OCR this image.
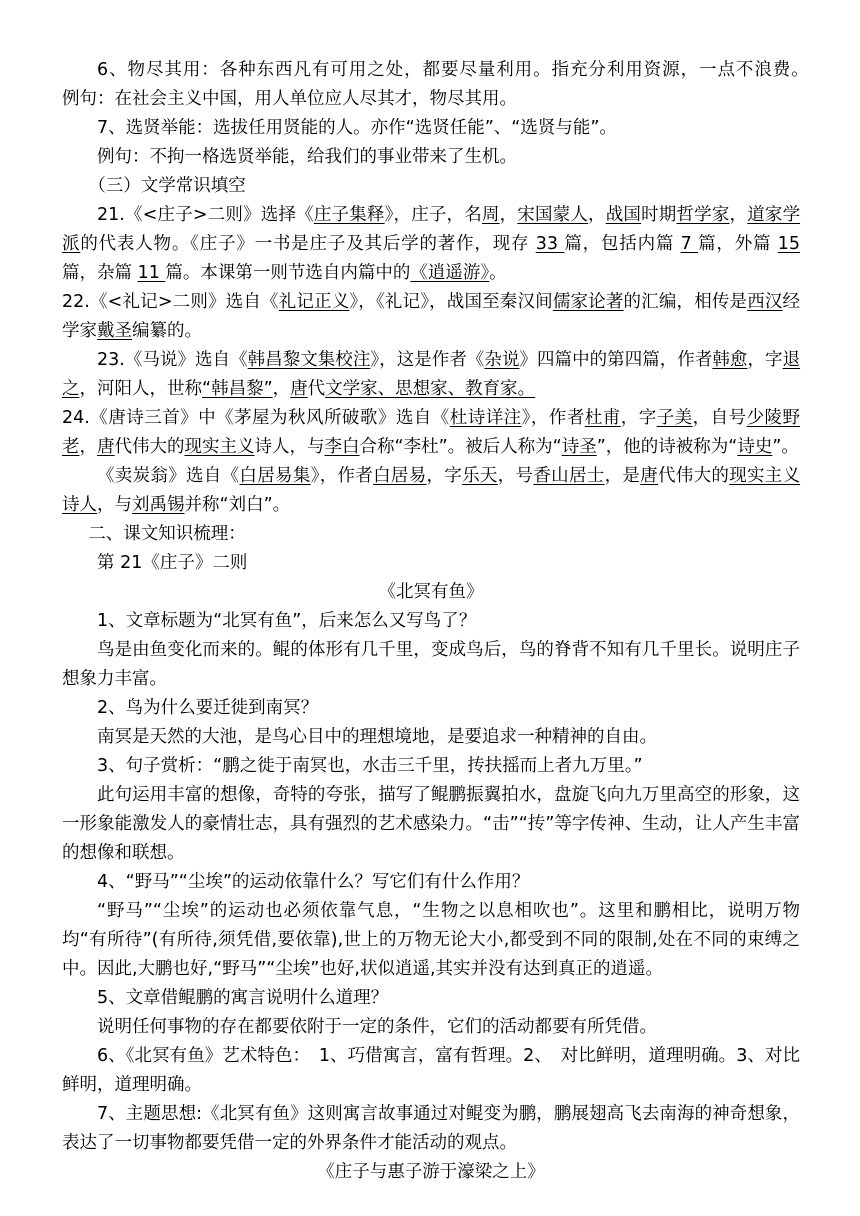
6、物尽其用：各种东西凡有可用之处，都要尽量利用。指充分利用资源，一点不浪费。　　例句：在社会主义中国，用人单位应人尽其才，物尽其用。

7、选贤举能：选拔任用贤能的人。亦作“选贤任能”、“选贤与能”。

例句：不拘一格选贤举能，给我们的事业带来了生机。

（三）文学常识填空

21.《<庄子>二则》选择《庄子集释》，庄子，名周，宋国蒙人，战国时期哲学家，道家学派的代表人物。《庄子》一书是庄子及其后学的著作，现存 33 篇，包括内篇 7 篇，外篇 15 篇，杂篇 11 篇。本课第一则节选自内篇中的《逍遥游》。

22.《<礼记>二则》选自《礼记正义》，《礼记》，战国至秦汉间儒家论著的汇编，相传是西汉经学家戴圣编纂的。

23.《马说》选自《韩昌黎文集校注》，这是作者《杂说》四篇中的第四篇，作者韩愈，字退之，河阳人，世称“韩昌黎”，唐代文学家、思想家、教育家。

24.《唐诗三首》中《茅屋为秋风所破歌》选自《杜诗详注》，作者杜甫，字子美，自号少陵野老，唐代伟大的现实主义诗人，与李白合称“李杜”。被后人称为“诗圣”，他的诗被称为“诗史”。

《卖炭翁》选自《白居易集》，作者白居易，字乐天，号香山居士，是唐代伟大的现实主义诗人，与刘禹锡并称“刘白”。

二、课文知识梳理：

第 21《庄子》二则

《北冥有鱼》

1、文章标题为“北冥有鱼”，后来怎么又写鸟了？

鸟是由鱼变化而来的。鲲的体形有几千里，变成鸟后，鸟的脊背不知有几千里长。说明庄子想象力丰富。

2、鸟为什么要迁徙到南冥？

南冥是天然的大池，是鸟心目中的理想境地，是要追求一种精神的自由。

3、句子赏析：“鹏之徙于南冥也，水击三千里，抟扶摇而上者九万里。”

此句运用丰富的想像，奇特的夸张，描写了鲲鹏振翼拍水，盘旋飞向九万里高空的形象，这一形象能激发人的豪情壮志，具有强烈的艺术感染力。“击”“抟”等字传神、生动，让人产生丰富的想像和联想。

4、“野马”“尘埃”的运动依靠什么？写它们有什么作用？

“野马”“尘埃”的运动也必须依靠气息，“生物之以息相吹也”。这里和鹏相比，说明万物均“有所待”(有所待,须凭借,要依靠),世上的万物无论大小,都受到不同的限制,处在不同的束缚之中。因此,大鹏也好,“野马”“尘埃”也好,状似逍遥,其实并没有达到真正的逍遥。

5、文章借鲲鹏的寓言说明什么道理？

说明任何事物的存在都要依附于一定的条件，它们的活动都要有所凭借。

6、《北冥有鱼》艺术特色：　1、巧借寓言，富有哲理。2、　对比鲜明，道理明确。3、对比鲜明，道理明确。

7、主题思想:《北冥有鱼》这则寓言故事通过对鲲变为鹏，鹏展翅高飞去南海的神奇想象，表达了一切事物都要凭借一定的外界条件才能活动的观点。

《庄子与惠子游于濠梁之上》
